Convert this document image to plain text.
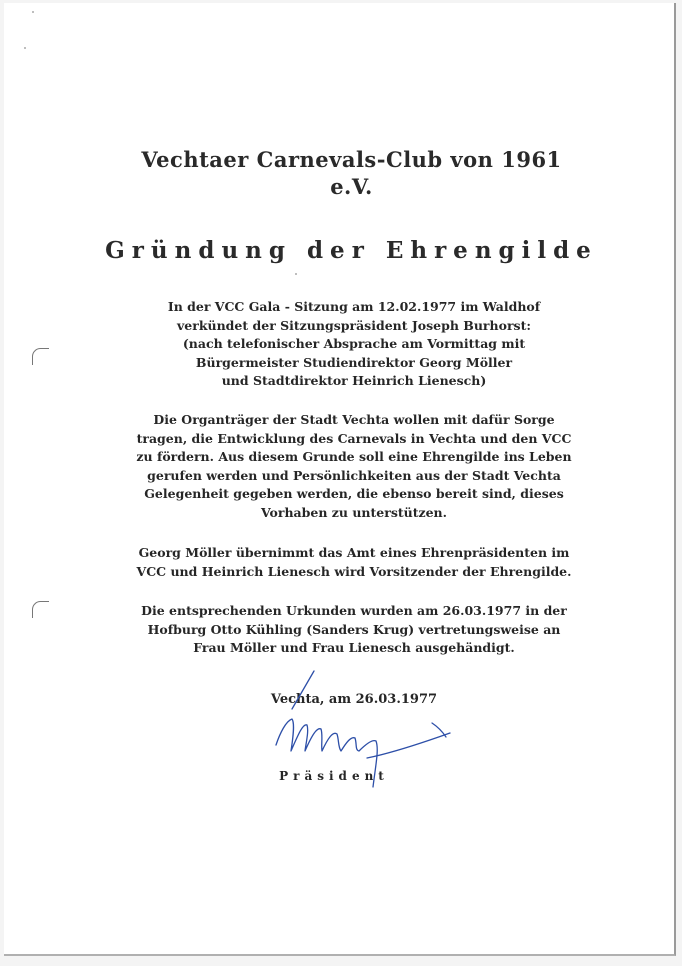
Vechtaer Carnevals-Club von 1961
e.V.
Gründung der Ehrengilde
In der VCC Gala - Sitzung am 12.02.1977 im Waldhof
verkündet der Sitzungspräsident Joseph Burhorst:
(nach telefonischer Absprache am Vormittag mit
Bürgermeister Studiendirektor Georg Möller
und Stadtdirektor Heinrich Lienesch)
Die Organträger der Stadt Vechta wollen mit dafür Sorge
tragen, die Entwicklung des Carnevals in Vechta und den VCC
zu fördern. Aus diesem Grunde soll eine Ehrengilde ins Leben
gerufen werden und Persönlichkeiten aus der Stadt Vechta
Gelegenheit gegeben werden, die ebenso bereit sind, dieses
Vorhaben zu unterstützen.
Georg Möller übernimmt das Amt eines Ehrenpräsidenten im
VCC und Heinrich Lienesch wird Vorsitzender der Ehrengilde.
Die entsprechenden Urkunden wurden am 26.03.1977 in der
Hofburg Otto Kühling (Sanders Krug) vertretungsweise an
Frau Möller und Frau Lienesch ausgehändigt.
Vechta, am 26.03.1977
Präsident
